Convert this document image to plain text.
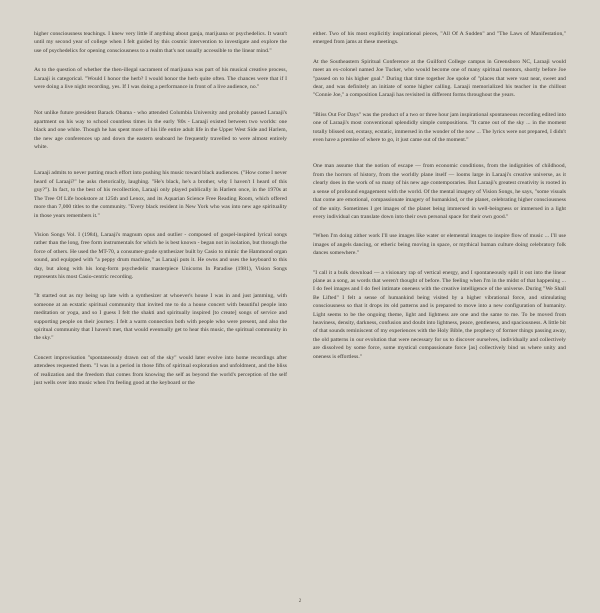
higher consciousness teachings. I knew very little if anything about ganja, marijuana or psychedelics. It wasn't until my second year of college when I felt guided by this cosmic intervention to investigate and explore the use of psychedelics for opening consciousness to a realm that's not usually accessible to the linear mind."

As to the question of whether the then-illegal sacrament of marijuana was part of his musical creative process, Laraaji is categorical. "Would I honor the herb? I would honor the herb quite often. The chances were that if I were doing a live night recording, yes. If I was doing a performance in front of a live audience, no."

Not unlike future president Barack Obama - who attended Columbia University and probably passed Laraaji's apartment on his way to school countless times in the early '80s - Laraaji existed between two worlds: one black and one white. Though he has spent more of his life entire adult life in the Upper West Side and Harlem, the new age conferences up and down the eastern seaboard he frequently travelled to were almost entirely white.

Laraaji admits to never putting much effort into pushing his music toward black audiences. ("How come I never heard of Laraaji?" he asks rhetorically, laughing. "He's black, he's a brother, why I haven't I heard of this guy?"). In fact, to the best of his recollection, Laraaji only played publically in Harlem once, in the 1970s at The Tree Of Life bookstore at 125th and Lenox, and its Aquarian Science Free Reading Room, which offered more than 7,000 titles to the community. "Every black resident in New York who was into new age spirituality in those years remembers it."

Vision Songs Vol. I (1984), Laraaji's magnum opus and outlier - composed of gospel-inspired lyrical songs rather than the long, free form instrumentals for which he is best known - began not in isolation, but through the force of others. He used the MT-70, a consumer-grade synthesizer built by Casio to mimic the Hammond organ sound, and equipped with "a peppy drum machine," as Laraaji puts it. He owns and uses the keyboard to this day, but along with his long-form psychedelic masterpiece Unicorns In Paradise (1981), Vision Songs represents his most Casio-centric recording.

"It started out as my being up late with a synthesizer at whoever's house I was in and just jamming, with someone at an ecstatic spiritual community that invited me to do a house concert with beautiful people into meditation or yoga, and so I guess I felt the shakti and spiritually inspired [to create] songs of service and supporting people on their journey. I felt a warm connection both with people who were present, and also the spiritual community that I haven't met, that would eventually get to hear this music, the spiritual community in the sky."

Concert improvisation "spontaneously drawn out of the sky" would later evolve into home recordings after attendees requested them. "I was in a period in those fifts of spiritual exploration and unfoldment, and the bliss of realization and the freedom that comes from knowing the self as beyond the world's perception of the self just wells over into music when I'm feeling good at the keyboard or the

either. Two of his most explicitly inspirational pieces, "All Of A Sudden" and "The Laws of Manifestation," emerged from jams at these meetings.

At the Southeastern Spiritual Conference at the Guilford College campus in Greensboro NC, Laraaji would meet an ex-colonel named Joe Tucker, who would become one of many spiritual mentors, shortly before Joe "passed on to his higher goal." During that time together Joe spoke of "places that were vast near, sweet and dear, and was definitely an initiate of some higher calling. Laraaji memorialized his teacher in the chillout "Connie Joe," a composition Laraaji has revisited in different forms throughout the years.

"Bliss Out For Days" was the product of a two or three hour jam inspirational spontaneous recording edited into one of Laraaji's most conventional splendidly simple compositions. "It came out of the sky ... in the moment totally blissed out, ecstasy, ecstatic, immersed in the wonder of the now ... The lyrics were not prepared, I didn't even have a premise of where to go, it just came out of the moment."

One man assume that the notion of escape — from economic conditions, from the indignities of childhood, from the horrors of history, from the worldly plane itself — looms large in Laraaji's creative universe, as it clearly does in the work of so many of his new age contemporaries. But Laraaji's greatest creativity is rooted in a sense of profound engagement with the world. Of the mental imagery of Vision Songs, he says, "some visuals that come are emotional, compassionate imagery of humankind, or the planet, celebrating higher consciousness of the unity. Sometimes I get images of the planet being immersed in well-beingness or immersed in a light every individual can translate down into their own personal space for their own good."

"When I'm doing zither work I'll use images like water or elemental images to inspire flow of music ... I'll use images of angels dancing, or etheric being moving in space, or mythical human culture doing celebratory folk dances somewhere."

"I call it a bulk download — a visionary rap of vertical energy, and I spontaneously spill it out into the linear plane as a song, as words that weren't thought of before. The feeling when I'm in the midst of that happening ... I do feel images and I do feel intimate oneness with the creative intelligence of the universe. During "We Shall Be Lifted" I felt a sense of humankind being visited by a higher vibrational force, and stimulating consciousness so that it drops its old patterns and is prepared to move into a new configuration of humanity. Light seems to be the ongoing theme, light and lightness are one and the same to me. To be moved from heaviness, density, darkness, confusion and doubt into lightness, peace, gentleness, and spaciousness. A little bit of that sounds reminiscent of my experiences with the Holy Bible, the prophecy of former things passing away, the old patterns in our evolution that were necessary for us to discover ourselves, individually and collectively are dissolved by some force, some mystical compassionate force [as] collectively bind us where unity and oneness is effortless."

2
